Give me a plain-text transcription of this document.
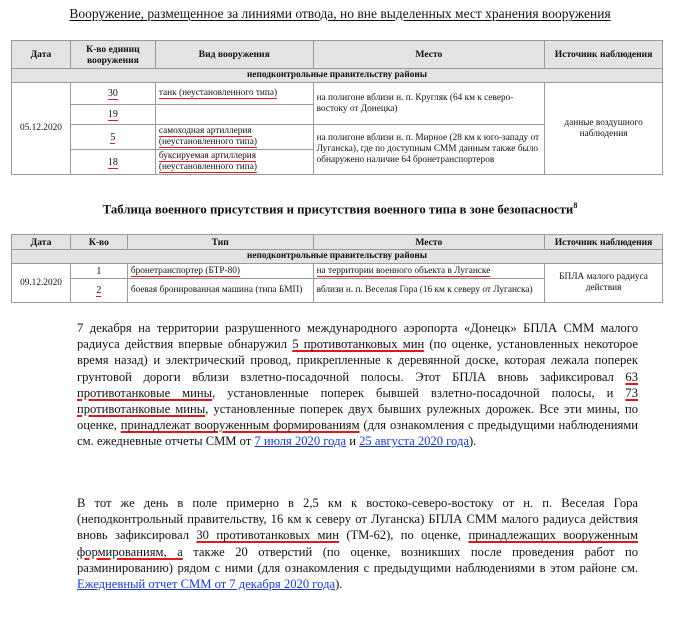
Вооружение, размещенное за линиями отвода, но вне выделенных мест хранения вооружения
Дата	К-во единиц вооружения	Вид вооружения	Место	Источник наблюдения
неподконтрольные правительству районы				
05.12.2020	30	танк (неустановленного типа)	на полигоне вблизи н. п. Кругляк (64 км к северо-востоку от Донецка)	данные воздушного наблюдения
	19			
	5	самоходная артиллерия (неустановленного типа)	на полигоне вблизи н. п. Мирное (28 км к юго-западу от Луганска), где по доступным СММ данным также было обнаружено наличие 64 бронетранспортеров	
	18	буксируемая артиллерия (неустановленного типа)		
Таблица военного присутствия и присутствия военного типа в зоне безопасности$^8$
Дата	К-во	Тип	Место	Источник наблюдения
неподконтрольные правительству районы				
09.12.2020	1	бронетранспортер (БТР-80)	на территории военного объекта в Луганске	БПЛА малого радиуса действия
	2	боевая бронированная машина (типа БМП)	вблизи н. п. Веселая Гора (16 км к северу от Луганска)	
7 декабря на территории разрушенного международного аэропорта «Донецк» БПЛА СММ малого радиуса действия впервые обнаружил 5 противотанковых мин (по оценке, установленных некоторое время назад) и электрический провод, прикрепленные к деревянной доске, которая лежала поперек грунтовой дороги вблизи взлетно-посадочной полосы. Этот БПЛА вновь зафиксировал 63 противотанковые мины, установленные поперек бывшей взлетно-посадочной полосы, и 73 противотанковые мины, установленные поперек двух бывших рулежных дорожек. Все эти мины, по оценке, принадлежат вооруженным формированиям (для ознакомления с предыдущими наблюдениями см. ежедневные отчеты СММ от 7 июля 2020 года и 25 августа 2020 года).
В тот же день в поле примерно в 2,5 км к востоко-северо-востоку от н. п. Веселая Гора (неподконтрольный правительству, 16 км к северу от Луганска) БПЛА СММ малого радиуса действия вновь зафиксировал 30 противотанковых мин (ТМ-62), по оценке, принадлежащих вооруженным формированиям, а также 20 отверстий (по оценке, возникших после проведения работ по разминированию) рядом с ними (для ознакомления с предыдущими наблюдениями в этом районе см. Ежедневный отчет СММ от 7 декабря 2020 года).
